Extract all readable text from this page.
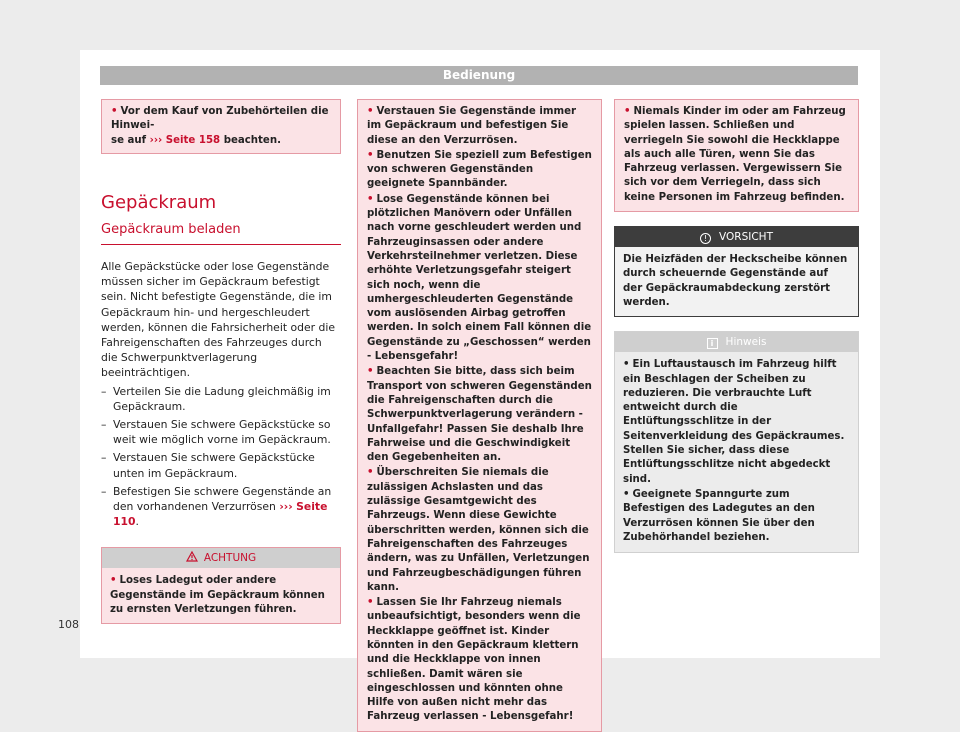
Bedienung
• Vor dem Kauf von Zubehörteilen die Hinwei-
se auf ››› Seite 158 beachten.
Gepäckraum
Gepäckraum beladen
Alle Gepäckstücke oder lose Gegenstände müssen sicher im Gepäckraum befestigt sein. Nicht befestigte Gegenstände, die im Gepäckraum hin- und hergeschleudert werden, können die Fahrsicherheit oder die Fahreigenschaften des Fahrzeuges durch die Schwerpunktverlagerung beeinträchtigen.
– Verteilen Sie die Ladung gleichmäßig im Gepäckraum.
– Verstauen Sie schwere Gepäckstücke so weit wie möglich vorne im Gepäckraum.
– Verstauen Sie schwere Gepäckstücke unten im Gepäckraum.
– Befestigen Sie schwere Gegenstände an den vorhandenen Verzurrösen ››› Seite 110.
ACHTUNG
• Loses Ladegut oder andere Gegenstände im Gepäckraum können zu ernsten Verletzungen führen.
• Verstauen Sie Gegenstände immer im Gepäckraum und befestigen Sie diese an den Verzurrösen.
• Benutzen Sie speziell zum Befestigen von schweren Gegenständen geeignete Spannbänder.
• Lose Gegenstände können bei plötzlichen Manövern oder Unfällen nach vorne geschleudert werden und Fahrzeuginsassen oder andere Verkehrsteilnehmer verletzen. Diese erhöhte Verletzungsgefahr steigert sich noch, wenn die umhergeschleuderten Gegenstände vom auslösenden Airbag getroffen werden. In solch einem Fall können die Gegenstände zu „Geschossen“ werden - Lebensgefahr!
• Beachten Sie bitte, dass sich beim Transport von schweren Gegenständen die Fahreigenschaften durch die Schwerpunktverlagerung verändern - Unfallgefahr! Passen Sie deshalb Ihre Fahrweise und die Geschwindigkeit den Gegebenheiten an.
• Überschreiten Sie niemals die zulässigen Achslasten und das zulässige Gesamtgewicht des Fahrzeugs. Wenn diese Gewichte überschritten werden, können sich die Fahreigenschaften des Fahrzeuges ändern, was zu Unfällen, Verletzungen und Fahrzeugbeschädigungen führen kann.
• Lassen Sie Ihr Fahrzeug niemals unbeaufsichtigt, besonders wenn die Heckklappe geöffnet ist. Kinder könnten in den Gepäckraum klettern und die Heckklappe von innen schließen. Damit wären sie eingeschlossen und könnten ohne Hilfe von außen nicht mehr das Fahrzeug verlassen - Lebensgefahr!
• Niemals Kinder im oder am Fahrzeug spielen lassen. Schließen und verriegeln Sie sowohl die Heckklappe als auch alle Türen, wenn Sie das Fahrzeug verlassen. Vergewissern Sie sich vor dem Verriegeln, dass sich keine Personen im Fahrzeug befinden.
! VORSICHT
Die Heizfäden der Heckscheibe können durch scheuernde Gegenstände auf der Gepäckraumabdeckung zerstört werden.
i Hinweis
• Ein Luftaustausch im Fahrzeug hilft ein Beschlagen der Scheiben zu reduzieren. Die verbrauchte Luft entweicht durch die Entlüftungsschlitze in der Seitenverkleidung des Gepäckraumes. Stellen Sie sicher, dass diese Entlüftungsschlitze nicht abgedeckt sind.
• Geeignete Spanngurte zum Befestigen des Ladegutes an den Verzurrösen können Sie über den Zubehörhandel beziehen.
108
